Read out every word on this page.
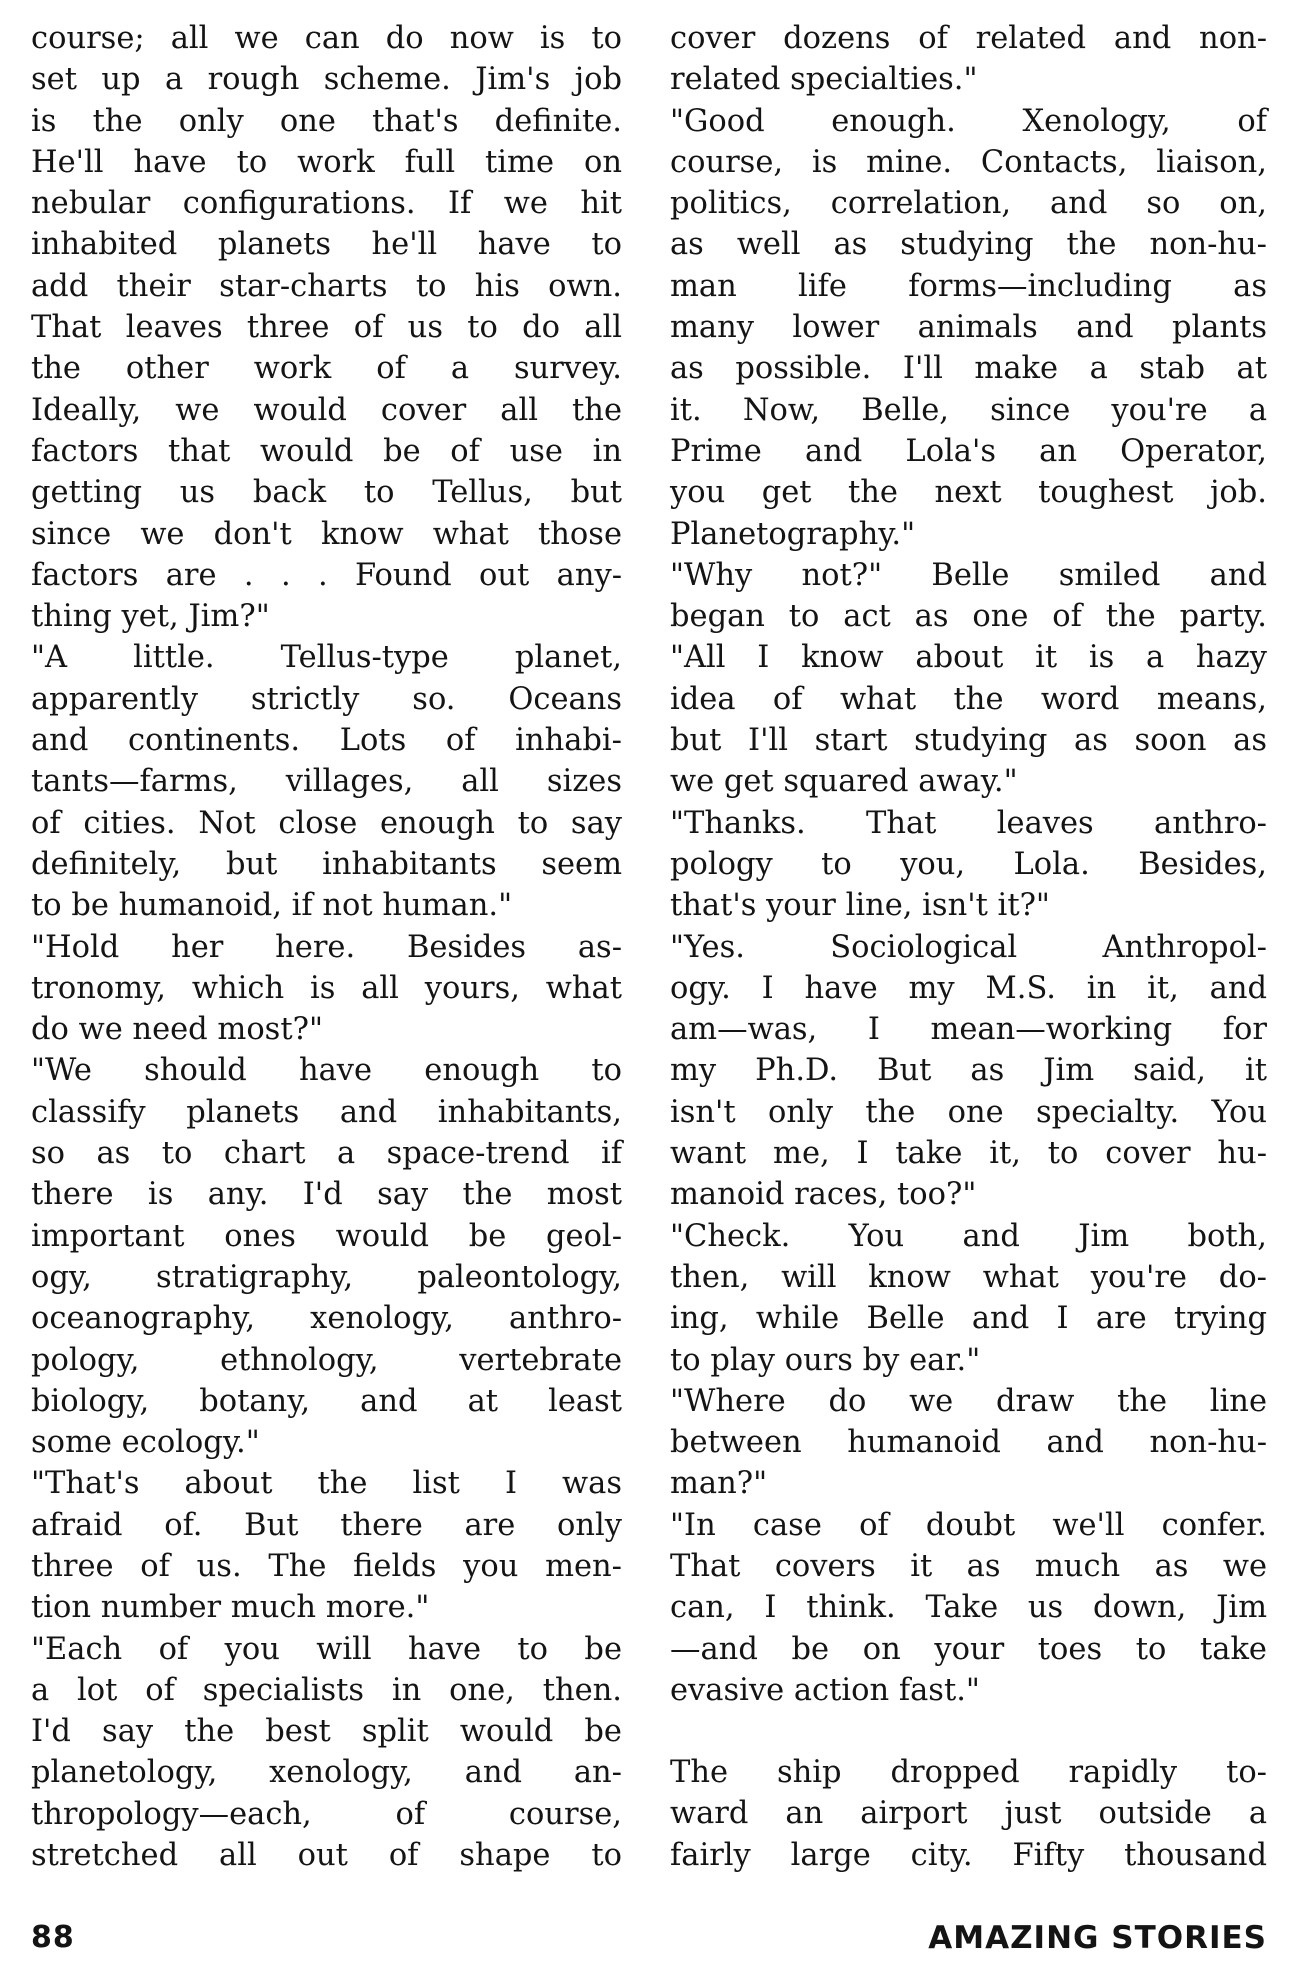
course; all we can do now is to

set up a rough scheme. Jim's job

is the only one that's definite.

He'll have to work full time on

nebular configurations. If we hit

inhabited planets he'll have to

add their star-charts to his own.

That leaves three of us to do all

the other work of a survey.

Ideally, we would cover all the

factors that would be of use in

getting us back to Tellus, but

since we don't know what those

factors are . . . Found out any-

thing yet, Jim?"

"A little. Tellus-type planet,

apparently strictly so. Oceans

and continents. Lots of inhabi-

tants—farms, villages, all sizes

of cities. Not close enough to say

definitely, but inhabitants seem

to be humanoid, if not human."

"Hold her here. Besides as-

tronomy, which is all yours, what

do we need most?"

"We should have enough to

classify planets and inhabitants,

so as to chart a space-trend if

there is any. I'd say the most

important ones would be geol-

ogy, stratigraphy, paleontology,

oceanography, xenology, anthro-

pology, ethnology, vertebrate

biology, botany, and at least

some ecology."

"That's about the list I was

afraid of. But there are only

three of us. The fields you men-

tion number much more."

"Each of you will have to be

a lot of specialists in one, then.

I'd say the best split would be

planetology, xenology, and an-

thropology—each, of course,

stretched all out of shape to

cover dozens of related and non-

related specialties."

"Good enough. Xenology, of

course, is mine. Contacts, liaison,

politics, correlation, and so on,

as well as studying the non-hu-

man life forms—including as

many lower animals and plants

as possible. I'll make a stab at

it. Now, Belle, since you're a

Prime and Lola's an Operator,

you get the next toughest job.

Planetography."

"Why not?" Belle smiled and

began to act as one of the party.

"All I know about it is a hazy

idea of what the word means,

but I'll start studying as soon as

we get squared away."

"Thanks. That leaves anthro-

pology to you, Lola. Besides,

that's your line, isn't it?"

"Yes. Sociological Anthropol-

ogy. I have my M.S. in it, and

am—was, I mean—working for

my Ph.D. But as Jim said, it

isn't only the one specialty. You

want me, I take it, to cover hu-

manoid races, too?"

"Check. You and Jim both,

then, will know what you're do-

ing, while Belle and I are trying

to play ours by ear."

"Where do we draw the line

between humanoid and non-hu-

man?"

"In case of doubt we'll confer.

That covers it as much as we

can, I think. Take us down, Jim

—and be on your toes to take

evasive action fast."

The ship dropped rapidly to-

ward an airport just outside a

fairly large city. Fifty thousand

88	AMAZING STORIES
